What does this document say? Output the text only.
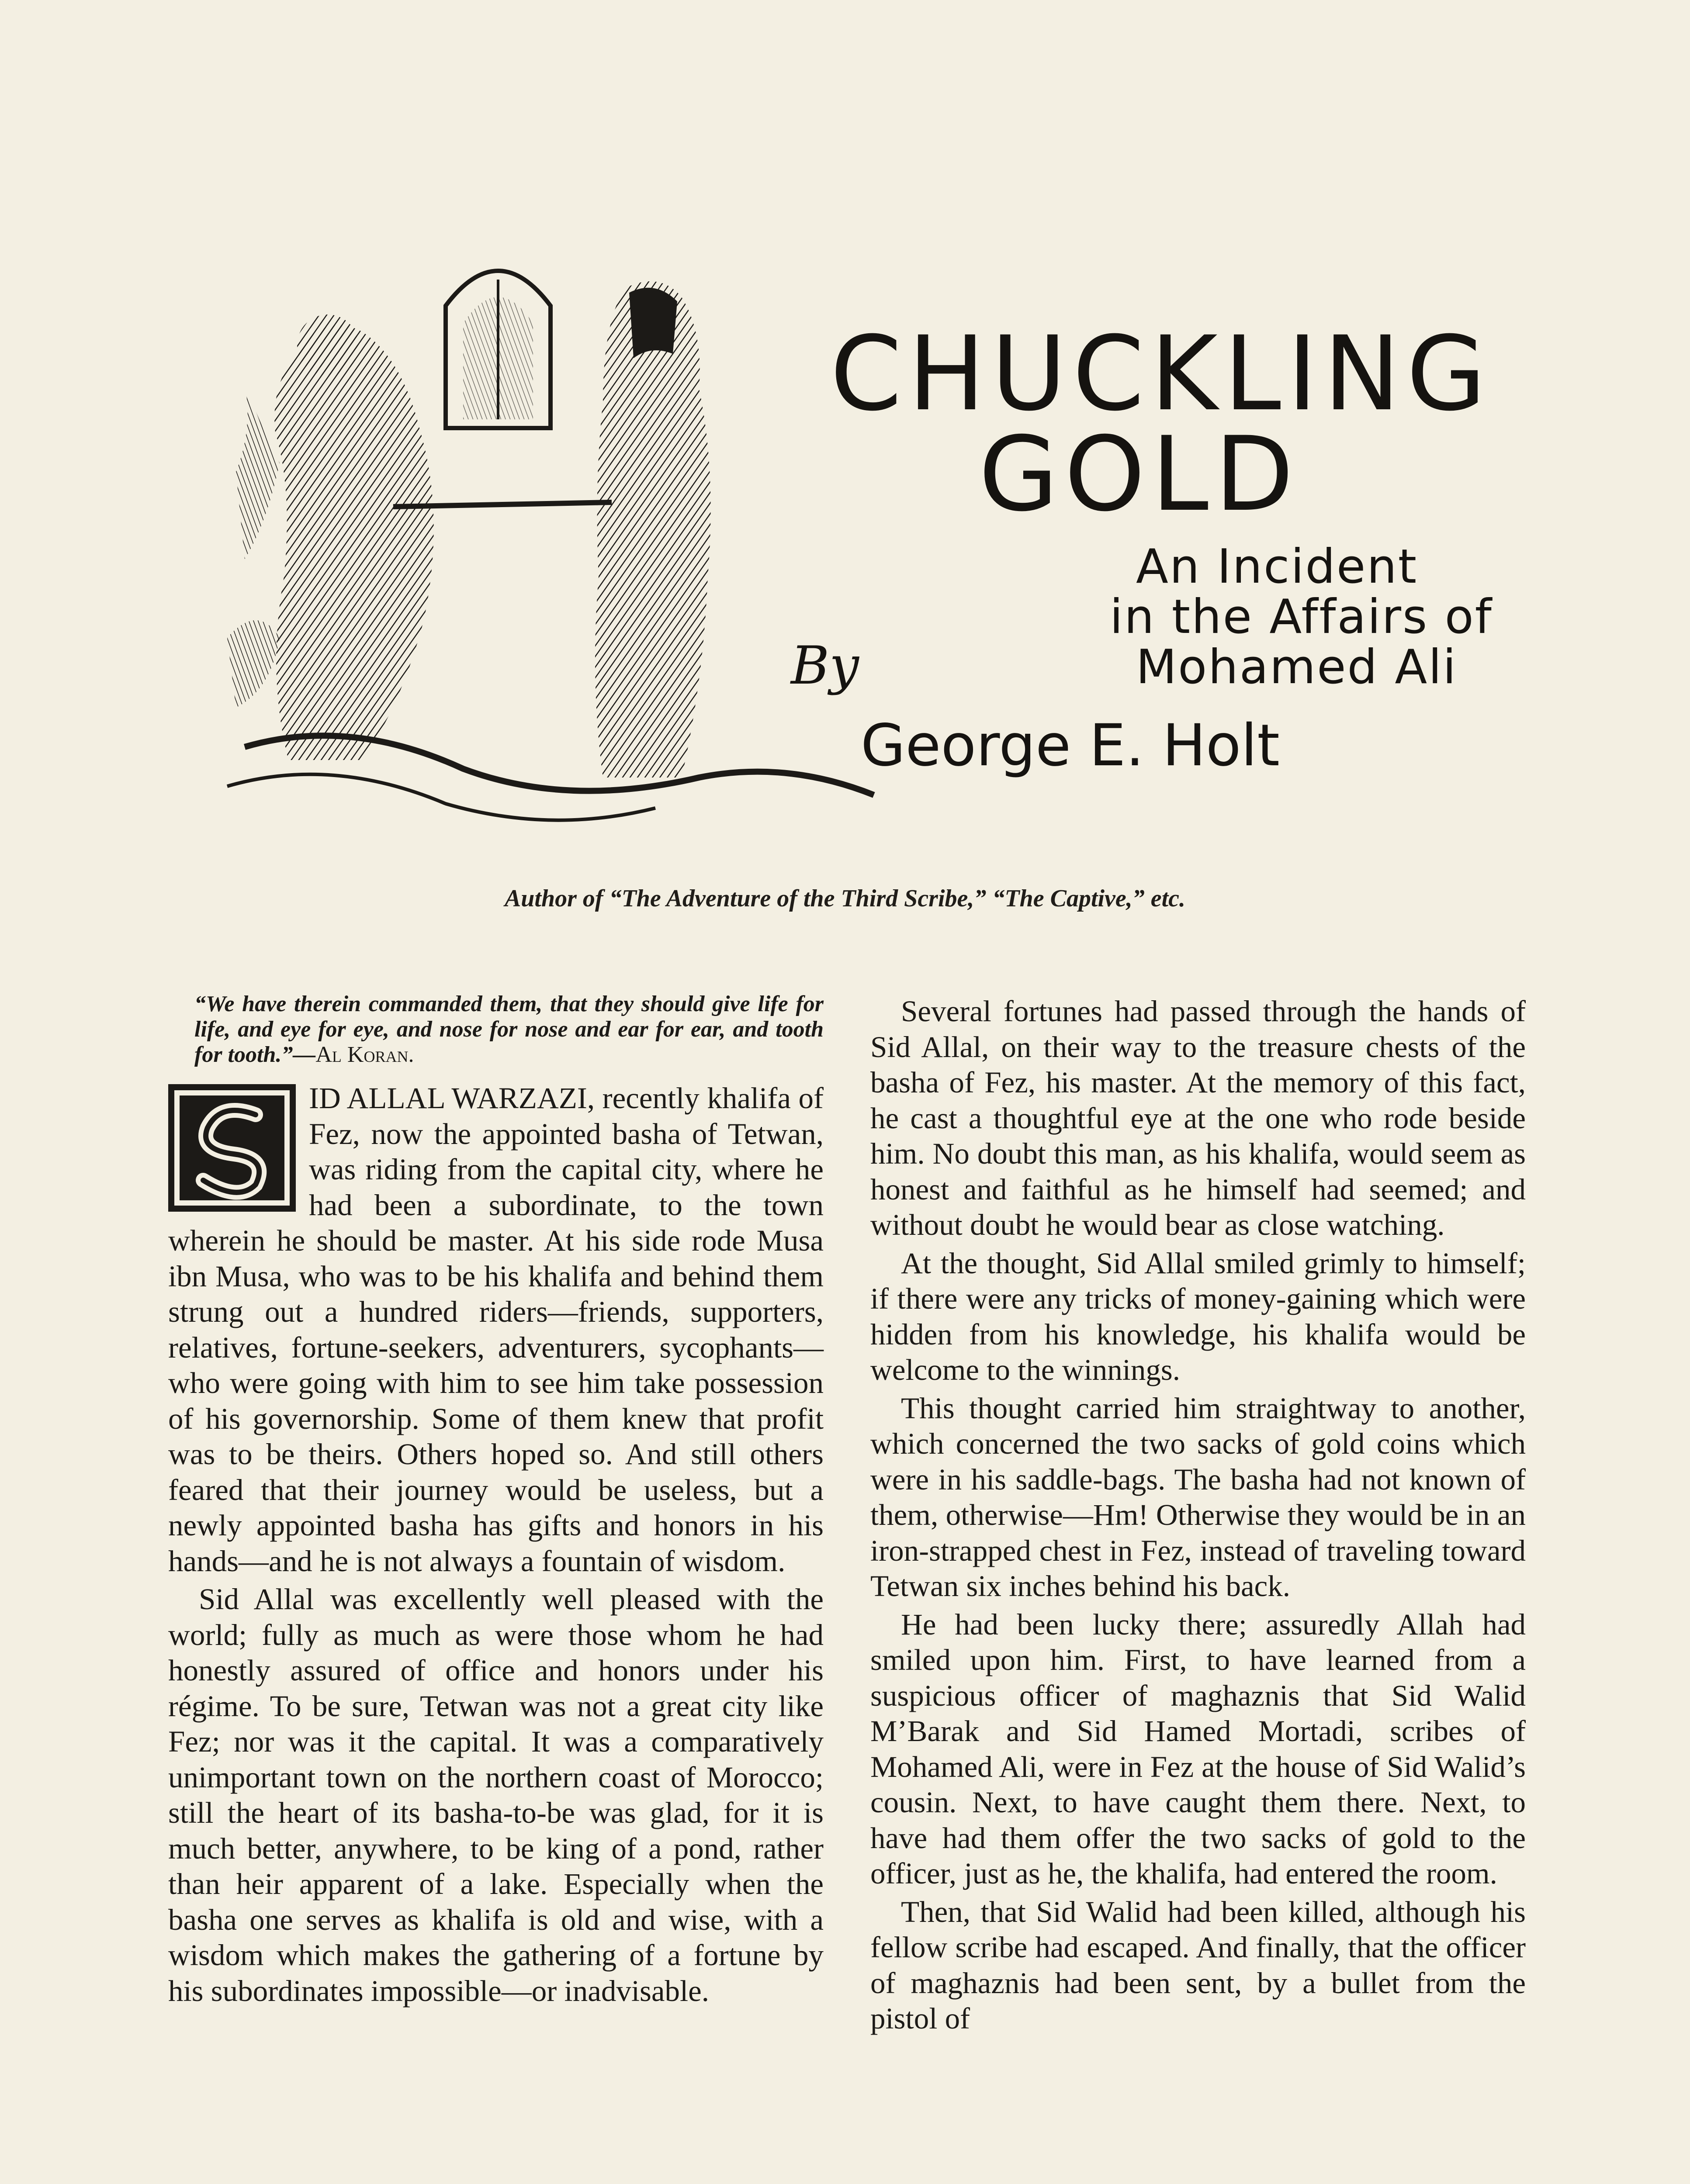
CHUCKLING
GOLD
An Incident
in the Affairs of
Mohamed Ali
By
George E. Holt
Author of “The Adventure of the Third Scribe,” “The Captive,” etc.

“We have therein commanded them, that they should give life for life, and eye for eye, and nose for nose and ear for ear, and tooth for tooth.”—Al Koran.

ID ALLAL WARZAZI, recently khalifa of Fez, now the appointed basha of Tetwan, was riding from the capital city, where he had been a subordinate, to the town wherein he should be master. At his side rode Musa ibn Musa, who was to be his khalifa and behind them strung out a hundred riders—friends, supporters, relatives, fortune-seekers, adventurers, sycophants—who were going with him to see him take possession of his governorship. Some of them knew that profit was to be theirs. Others hoped so. And still others feared that their journey would be useless, but a newly appointed basha has gifts and honors in his hands—and he is not always a fountain of wisdom.

Sid Allal was excellently well pleased with the world; fully as much as were those whom he had honestly assured of office and honors under his régime. To be sure, Tetwan was not a great city like Fez; nor was it the capital. It was a comparatively unimportant town on the northern coast of Morocco; still the heart of its basha-to-be was glad, for it is much better, anywhere, to be king of a pond, rather than heir apparent of a lake. Especially when the basha one serves as khalifa is old and wise, with a wisdom which makes the gathering of a fortune by his subordinates impossible—or inadvisable.

Several fortunes had passed through the hands of Sid Allal, on their way to the treasure chests of the basha of Fez, his master. At the memory of this fact, he cast a thoughtful eye at the one who rode beside him. No doubt this man, as his khalifa, would seem as honest and faithful as he himself had seemed; and without doubt he would bear as close watching.

At the thought, Sid Allal smiled grimly to himself; if there were any tricks of money-gaining which were hidden from his knowledge, his khalifa would be welcome to the winnings.

This thought carried him straightway to another, which concerned the two sacks of gold coins which were in his saddle-bags. The basha had not known of them, otherwise—Hm! Otherwise they would be in an iron-strapped chest in Fez, instead of traveling toward Tetwan six inches behind his back.

He had been lucky there; assuredly Allah had smiled upon him. First, to have learned from a suspicious officer of maghaznis that Sid Walid M’Barak and Sid Hamed Mortadi, scribes of Mohamed Ali, were in Fez at the house of Sid Walid’s cousin. Next, to have caught them there. Next, to have had them offer the two sacks of gold to the officer, just as he, the khalifa, had entered the room.

Then, that Sid Walid had been killed, although his fellow scribe had escaped. And finally, that the officer of maghaznis had been sent, by a bullet from the pistol of
